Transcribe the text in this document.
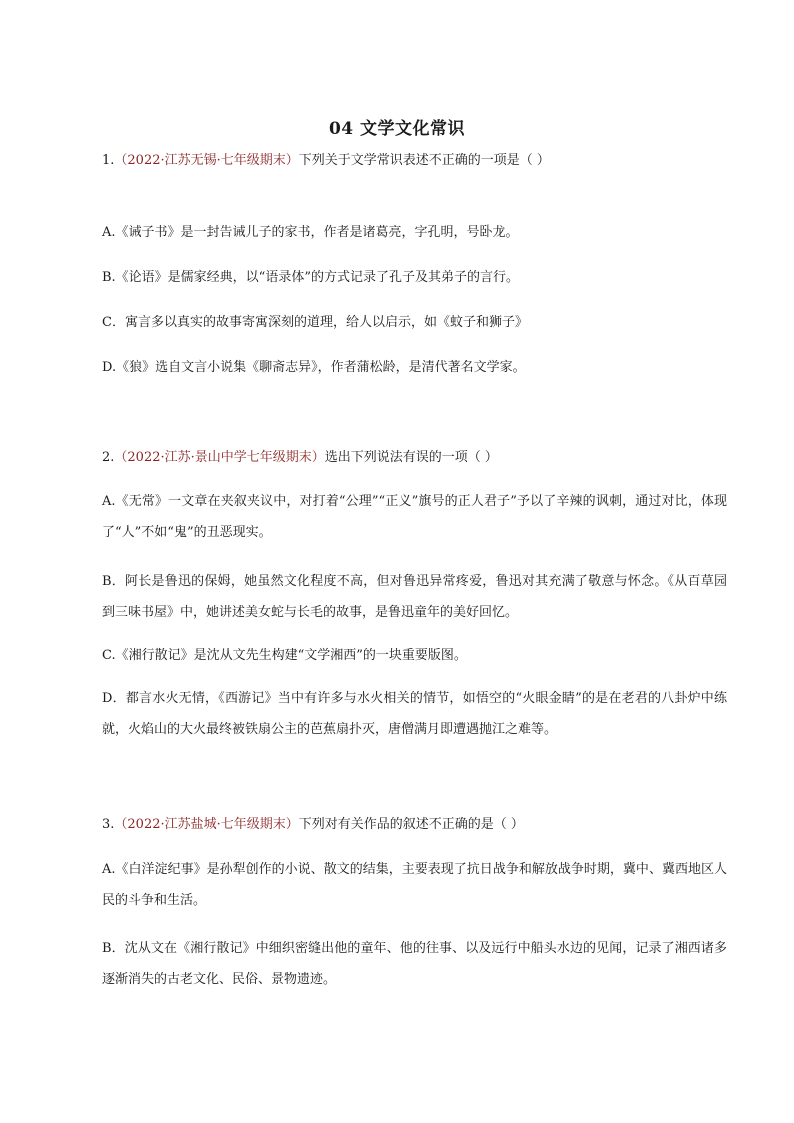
04 文学文化常识
1.（2022·江苏无锡·七年级期末）下列关于文学常识表述不正确的一项是（ ）
A.《诫子书》是一封告诫儿子的家书，作者是诸葛亮，字孔明，号卧龙。
B.《论语》是儒家经典，以“语录体”的方式记录了孔子及其弟子的言行。
C．寓言多以真实的故事寄寓深刻的道理，给人以启示，如《蚊子和狮子》
D.《狼》选自文言小说集《聊斋志异》，作者蒲松龄，是清代著名文学家。
2.（2022·江苏·景山中学七年级期末）选出下列说法有误的一项（ ）
A.《无常》一文章在夹叙夹议中，对打着“公理”“正义”旗号的正人君子”予以了辛辣的讽刺，通过对比，体现了“人”不如“鬼”的丑恶现实。
B．阿长是鲁迅的保姆，她虽然文化程度不高，但对鲁迅异常疼爱，鲁迅对其充满了敬意与怀念。《从百草园到三味书屋》中，她讲述美女蛇与长毛的故事，是鲁迅童年的美好回忆。
C.《湘行散记》是沈从文先生构建“文学湘西”的一块重要版图。
D．都言水火无情，《西游记》当中有许多与水火相关的情节，如悟空的“火眼金睛”的是在老君的八卦炉中练就，火焰山的大火最终被铁扇公主的芭蕉扇扑灭，唐僧满月即遭遇抛江之难等。
3.（2022·江苏盐城·七年级期末）下列对有关作品的叙述不正确的是（ ）
A.《白洋淀纪事》是孙犁创作的小说、散文的结集，主要表现了抗日战争和解放战争时期，冀中、冀西地区人民的斗争和生活。
B．沈从文在《湘行散记》中细织密缝出他的童年、他的往事、以及远行中船头水边的见闻，记录了湘西诸多逐渐消失的古老文化、民俗、景物遗迹。
